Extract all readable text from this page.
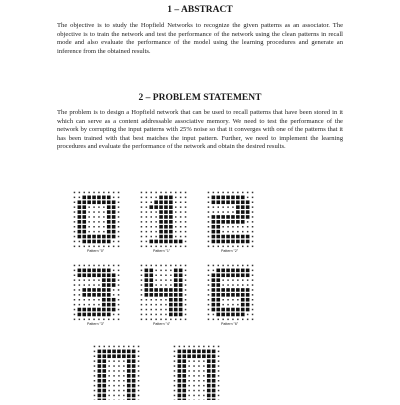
1 – ABSTRACT

The objective is to study the Hopfield Networks to recognize the given patterns as an associator. The objective is to train the network and test the performance of the network using the clean patterns in recall mode and also evaluate the performance of the model using the learning procedures and generate an inference from the obtained results.

2 – PROBLEM STATEMENT

The problem is to design a Hopfield network that can be used to recall patterns that have been stored in it which can serve as a content addressable associative memory. We need to test the performance of the network by corrupting the input patterns with 25% noise so that it converges with one of the patterns that it has been trained with that best matches the input pattern. Further, we need to implement the learning procedures and evaluate the performance of the network and obtain the desired results.

Pattern "0"	Pattern "1"	Pattern "2"
Pattern "3"	Pattern "4"	Pattern "6"
